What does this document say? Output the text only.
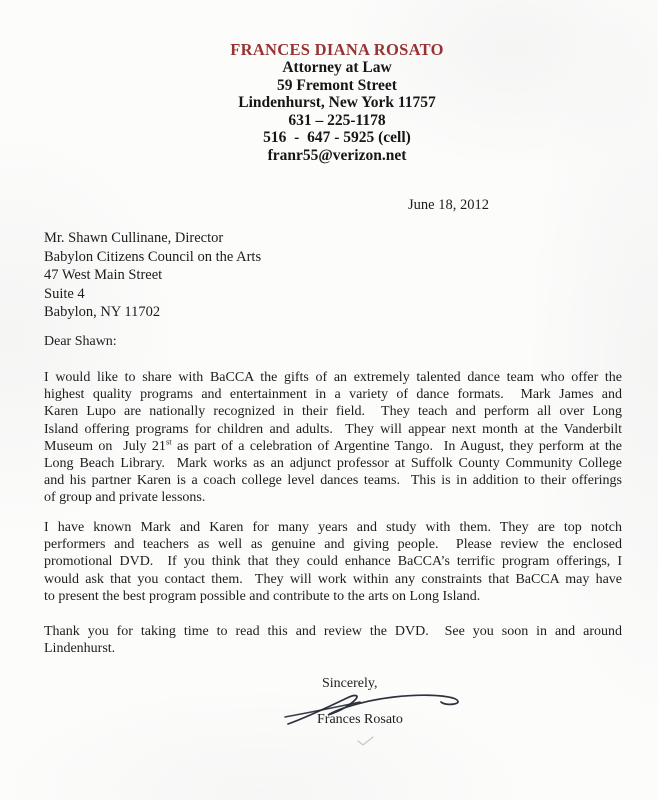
FRANCES DIANA ROSATO
Attorney at Law
59 Fremont Street
Lindenhurst, New York 11757
631 – 225-1178
516  -  647 - 5925 (cell)
franr55@verizon.net
June 18, 2012
Mr. Shawn Cullinane, Director
Babylon Citizens Council on the Arts
47 West Main Street
Suite 4
Babylon, NY 11702
Dear Shawn:
I would like to share with BaCCA the gifts of an extremely talented dance team who offer the
highest quality programs and entertainment in a variety of dance formats.  Mark James and
Karen Lupo are nationally recognized in their field.  They teach and perform all over Long
Island offering programs for children and adults.  They will appear next month at the Vanderbilt
Museum on  July 21st as part of a celebration of Argentine Tango.  In August, they perform at the
Long Beach Library.  Mark works as an adjunct professor at Suffolk County Community College
and his partner Karen is a coach college level dances teams.  This is in addition to their offerings
of group and private lessons.
I have known Mark and Karen for many years and study with them. They are top notch
performers and teachers as well as genuine and giving people.  Please review the enclosed
promotional DVD.  If you think that they could enhance BaCCA’s terrific program offerings, I
would ask that you contact them.  They will work within any constraints that BaCCA may have
to present the best program possible and contribute to the arts on Long Island.
Thank you for taking time to read this and review the DVD.  See you soon in and around
Lindenhurst.
Sincerely,
Frances Rosato
